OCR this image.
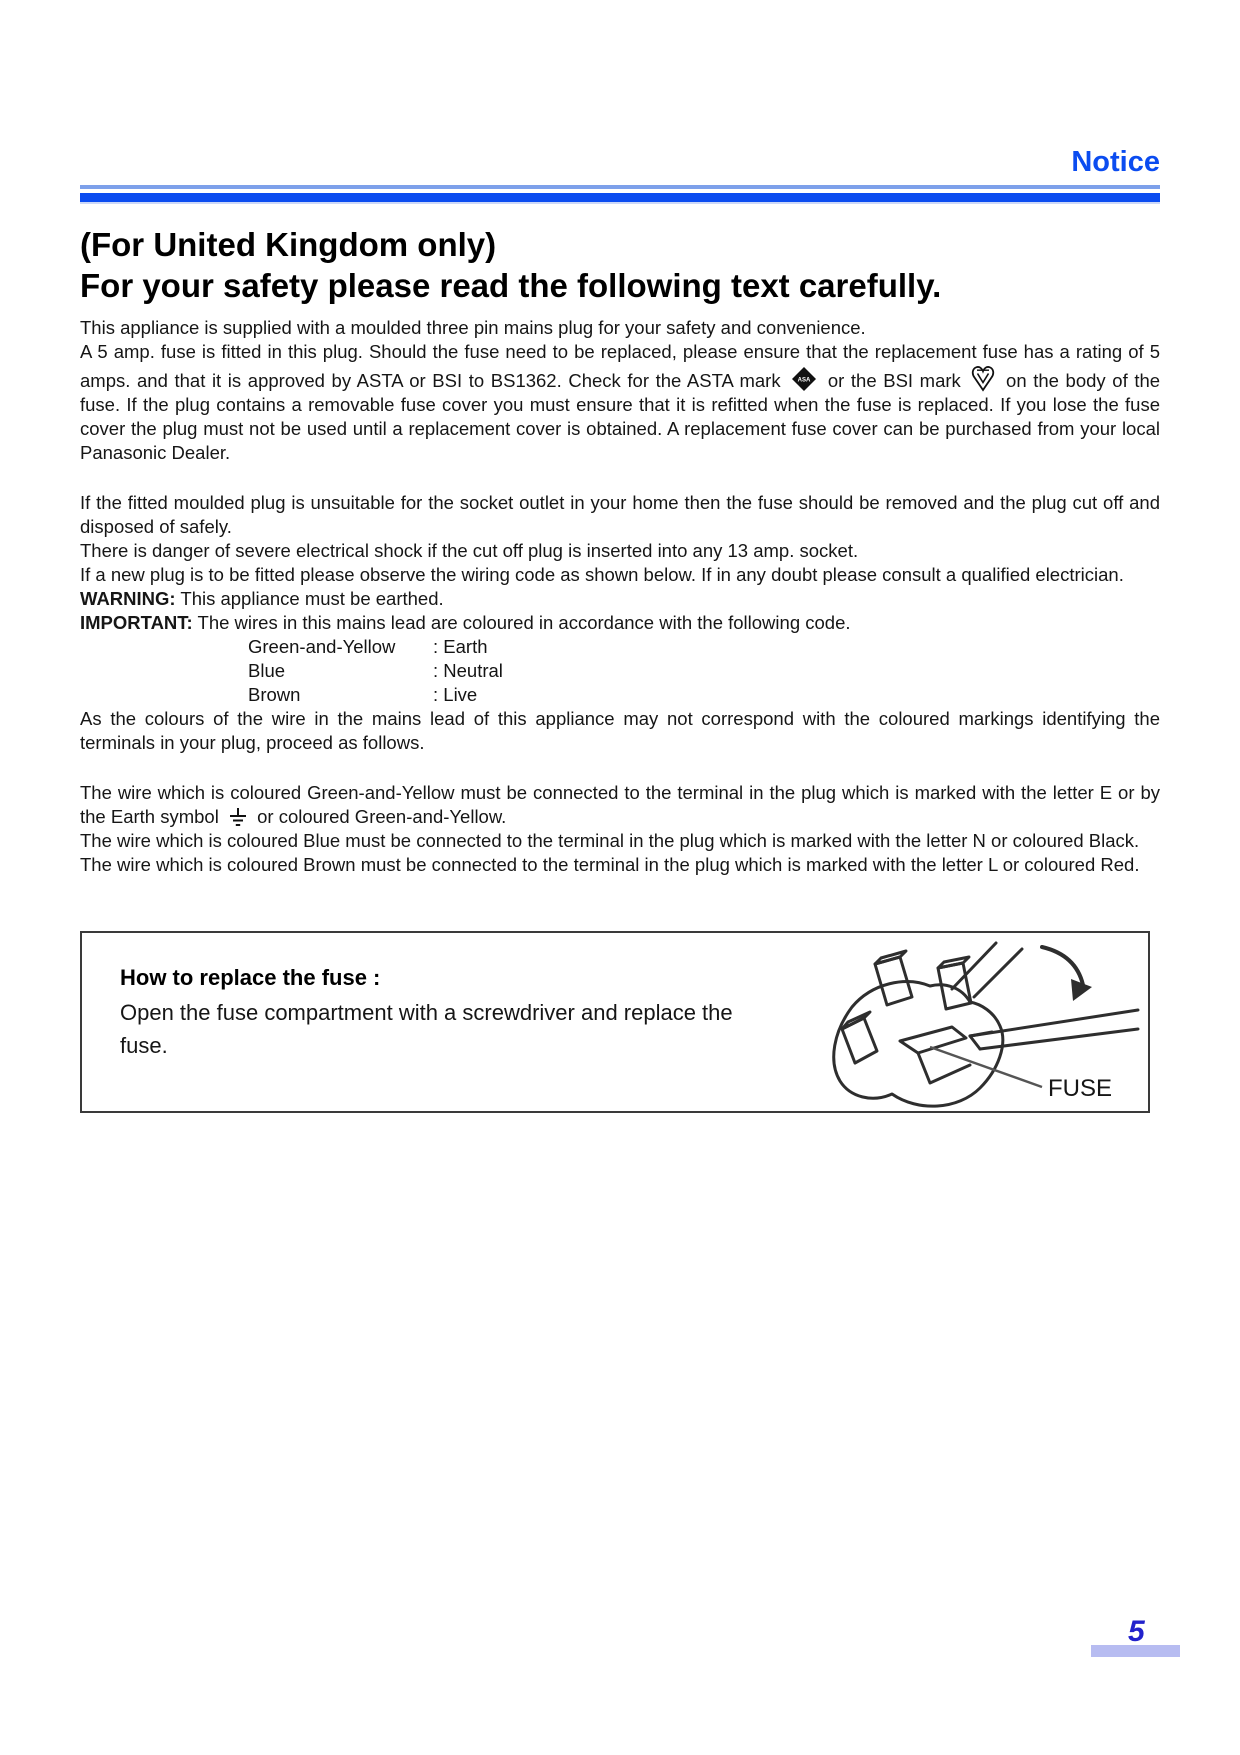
Notice
(For United Kingdom only)
For your safety please read the following text carefully.
This appliance is supplied with a moulded three pin mains plug for your safety and convenience.
A 5 amp. fuse is fitted in this plug. Should the fuse need to be replaced, please ensure that the replacement fuse has a rating of 5 amps. and that it is approved by ASTA or BSI to BS1362. Check for the ASTA mark	ASA or the BSI mark on the body of the fuse. If the plug contains a removable fuse cover you must ensure that it is refitted when the fuse is replaced. If you lose the fuse cover the plug must not be used until a replacement cover is obtained. A replacement fuse cover can be purchased from your local Panasonic Dealer.
If the fitted moulded plug is unsuitable for the socket outlet in your home then the fuse should be removed and the plug cut off and disposed of safely.
There is danger of severe electrical shock if the cut off plug is inserted into any 13 amp. socket.
If a new plug is to be fitted please observe the wiring code as shown below. If in any doubt please consult a qualified electrician.
WARNING: This appliance must be earthed.
IMPORTANT: The wires in this mains lead are coloured in accordance with the following code.
Green-and-Yellow	: Earth
Blue	: Neutral
Brown	: Live
As the colours of the wire in the mains lead of this appliance may not correspond with the coloured markings identifying the terminals in your plug, proceed as follows.
The wire which is coloured Green-and-Yellow must be connected to the terminal in the plug which is marked with the letter E or by the Earth symbol or coloured Green-and-Yellow.
The wire which is coloured Blue must be connected to the terminal in the plug which is marked with the letter N or coloured Black.
The wire which is coloured Brown must be connected to the terminal in the plug which is marked with the letter L or coloured Red.
How to replace the fuse :
Open the fuse compartment with a screwdriver and replace the fuse.
FUSE
5
